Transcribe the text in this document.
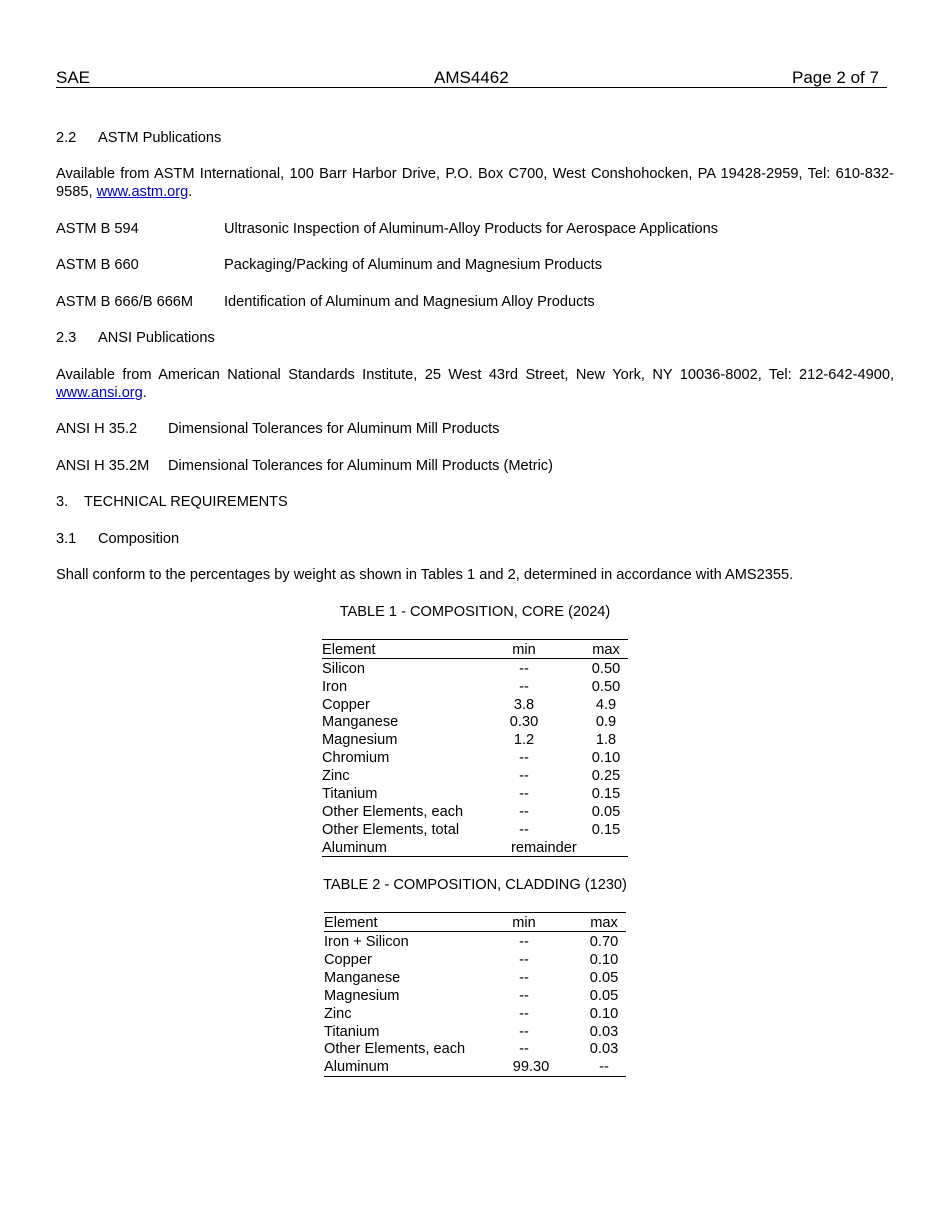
SAE	AMS4462	Page 2 of 7
2.2 ASTM Publications
Available from ASTM International, 100 Barr Harbor Drive, P.O. Box C700, West Conshohocken, PA 19428-2959, Tel: 610-832-9585, www.astm.org.
ASTM B 594	Ultrasonic Inspection of Aluminum-Alloy Products for Aerospace Applications
ASTM B 660	Packaging/Packing of Aluminum and Magnesium Products
ASTM B 666/B 666M Identification of Aluminum and Magnesium Alloy Products
2.3 ANSI Publications
Available from American National Standards Institute, 25 West 43rd Street, New York, NY 10036-8002, Tel: 212-642-4900, www.ansi.org.
ANSI H 35.2 Dimensional Tolerances for Aluminum Mill Products
ANSI H 35.2M Dimensional Tolerances for Aluminum Mill Products (Metric)
3. TECHNICAL REQUIREMENTS
3.1 Composition
Shall conform to the percentages by weight as shown in Tables 1 and 2, determined in accordance with AMS2355.
TABLE 1 - COMPOSITION, CORE (2024)
Element	min	max
Silicon	--	0.50
Iron	--	0.50
Copper	3.8	4.9
Manganese	0.30	0.9
Magnesium	1.2	1.8
Chromium	--	0.10
Zinc	--	0.25
Titanium	--	0.15
Other Elements, each	--	0.05
Other Elements, total	--	0.15
Aluminum	remainder
TABLE 2 - COMPOSITION, CLADDING (1230)
Element	min	max
Iron + Silicon	--	0.70
Copper	--	0.10
Manganese	--	0.05
Magnesium	--	0.05
Zinc	--	0.10
Titanium	--	0.03
Other Elements, each	--	0.03
Aluminum	99.30	--
